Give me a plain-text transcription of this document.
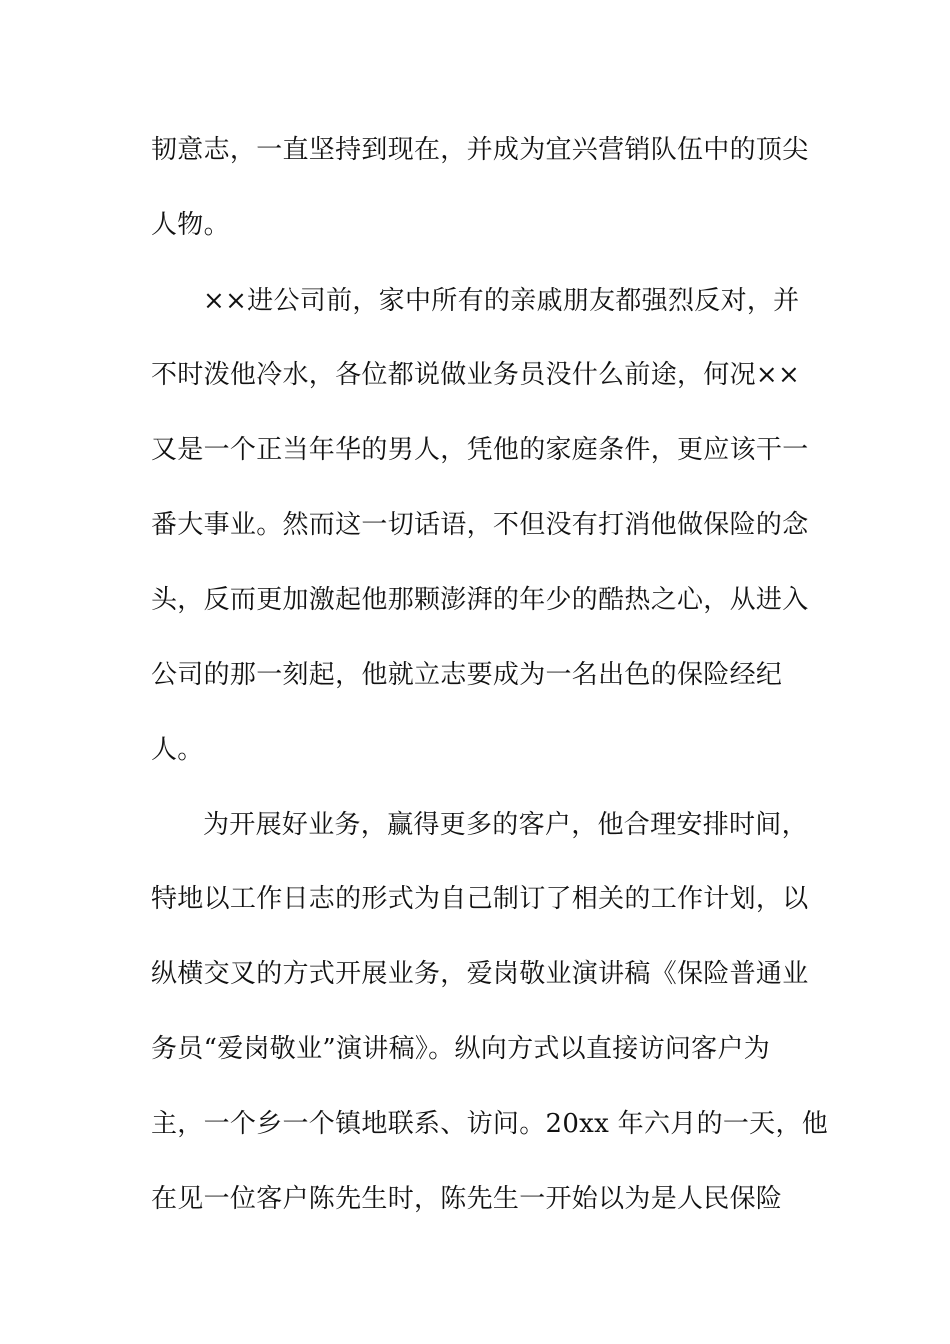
韧意志，一直坚持到现在，并成为宜兴营销队伍中的顶尖
人物。
××进公司前，家中所有的亲戚朋友都强烈反对，并
不时泼他冷水，各位都说做业务员没什么前途，何况××
又是一个正当年华的男人，凭他的家庭条件，更应该干一
番大事业。然而这一切话语，不但没有打消他做保险的念
头，反而更加激起他那颗澎湃的年少的酷热之心，从进入
公司的那一刻起，他就立志要成为一名出色的保险经纪
人。
为开展好业务，赢得更多的客户，他合理安排时间，
特地以工作日志的形式为自己制订了相关的工作计划，以
纵横交叉的方式开展业务，爱岗敬业演讲稿《保险普通业
务员“爱岗敬业”演讲稿》。纵向方式以直接访问客户为
主，一个乡一个镇地联系、访问。20xx 年六月的一天，他
在见一位客户陈先生时，陈先生一开始以为是人民保险
